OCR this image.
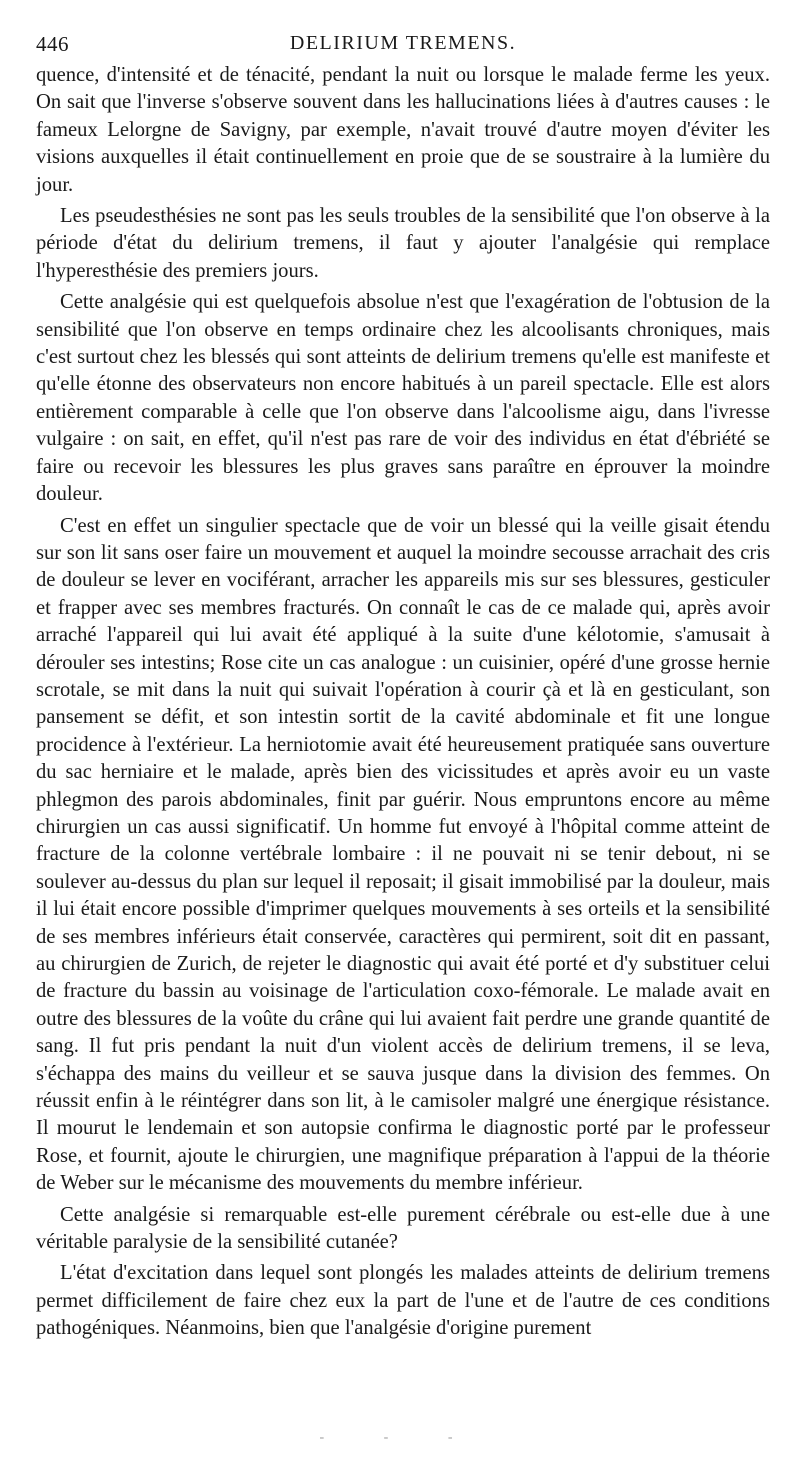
446	DELIRIUM TREMENS.

quence, d'intensité et de ténacité, pendant la nuit ou lorsque le malade ferme les yeux. On sait que l'inverse s'observe souvent dans les hallucinations liées à d'autres causes : le fameux Lelorgne de Savigny, par exemple, n'avait trouvé d'autre moyen d'éviter les visions auxquelles il était continuellement en proie que de se soustraire à la lumière du jour.

Les pseudesthésies ne sont pas les seuls troubles de la sensibilité que l'on observe à la période d'état du delirium tremens, il faut y ajouter l'analgésie qui remplace l'hyperesthésie des premiers jours.

Cette analgésie qui est quelquefois absolue n'est que l'exagération de l'obtusion de la sensibilité que l'on observe en temps ordinaire chez les alcoolisants chroniques, mais c'est surtout chez les blessés qui sont atteints de delirium tremens qu'elle est manifeste et qu'elle étonne des observateurs non encore habitués à un pareil spectacle. Elle est alors entièrement comparable à celle que l'on observe dans l'alcoolisme aigu, dans l'ivresse vulgaire : on sait, en effet, qu'il n'est pas rare de voir des individus en état d'ébriété se faire ou recevoir les blessures les plus graves sans paraître en éprouver la moindre douleur.

C'est en effet un singulier spectacle que de voir un blessé qui la veille gisait étendu sur son lit sans oser faire un mouvement et auquel la moindre secousse arrachait des cris de douleur se lever en vociférant, arracher les appareils mis sur ses blessures, gesticuler et frapper avec ses membres fracturés. On connaît le cas de ce malade qui, après avoir arraché l'appareil qui lui avait été appliqué à la suite d'une kélotomie, s'amusait à dérouler ses intestins; Rose cite un cas analogue : un cuisinier, opéré d'une grosse hernie scrotale, se mit dans la nuit qui suivait l'opération à courir çà et là en gesticulant, son pansement se défit, et son intestin sortit de la cavité abdominale et fit une longue procidence à l'extérieur. La herniotomie avait été heureusement pratiquée sans ouverture du sac herniaire et le malade, après bien des vicissitudes et après avoir eu un vaste phlegmon des parois abdominales, finit par guérir. Nous empruntons encore au même chirurgien un cas aussi significatif. Un homme fut envoyé à l'hôpital comme atteint de fracture de la colonne vertébrale lombaire : il ne pouvait ni se tenir debout, ni se soulever au-dessus du plan sur lequel il reposait; il gisait immobilisé par la douleur, mais il lui était encore possible d'imprimer quelques mouvements à ses orteils et la sensibilité de ses membres inférieurs était conservée, caractères qui permirent, soit dit en passant, au chirurgien de Zurich, de rejeter le diagnostic qui avait été porté et d'y substituer celui de fracture du bassin au voisinage de l'articulation coxo-fémorale. Le malade avait en outre des blessures de la voûte du crâne qui lui avaient fait perdre une grande quantité de sang. Il fut pris pendant la nuit d'un violent accès de delirium tremens, il se leva, s'échappa des mains du veilleur et se sauva jusque dans la division des femmes. On réussit enfin à le réintégrer dans son lit, à le camisoler malgré une énergique résistance. Il mourut le lendemain et son autopsie confirma le diagnostic porté par le professeur Rose, et fournit, ajoute le chirurgien, une magnifique préparation à l'appui de la théorie de Weber sur le mécanisme des mouvements du membre inférieur.

Cette analgésie si remarquable est-elle purement cérébrale ou est-elle due à une véritable paralysie de la sensibilité cutanée?

L'état d'excitation dans lequel sont plongés les malades atteints de delirium tremens permet difficilement de faire chez eux la part de l'une et de l'autre de ces conditions pathogéniques. Néanmoins, bien que l'analgésie d'origine purement

- - -
